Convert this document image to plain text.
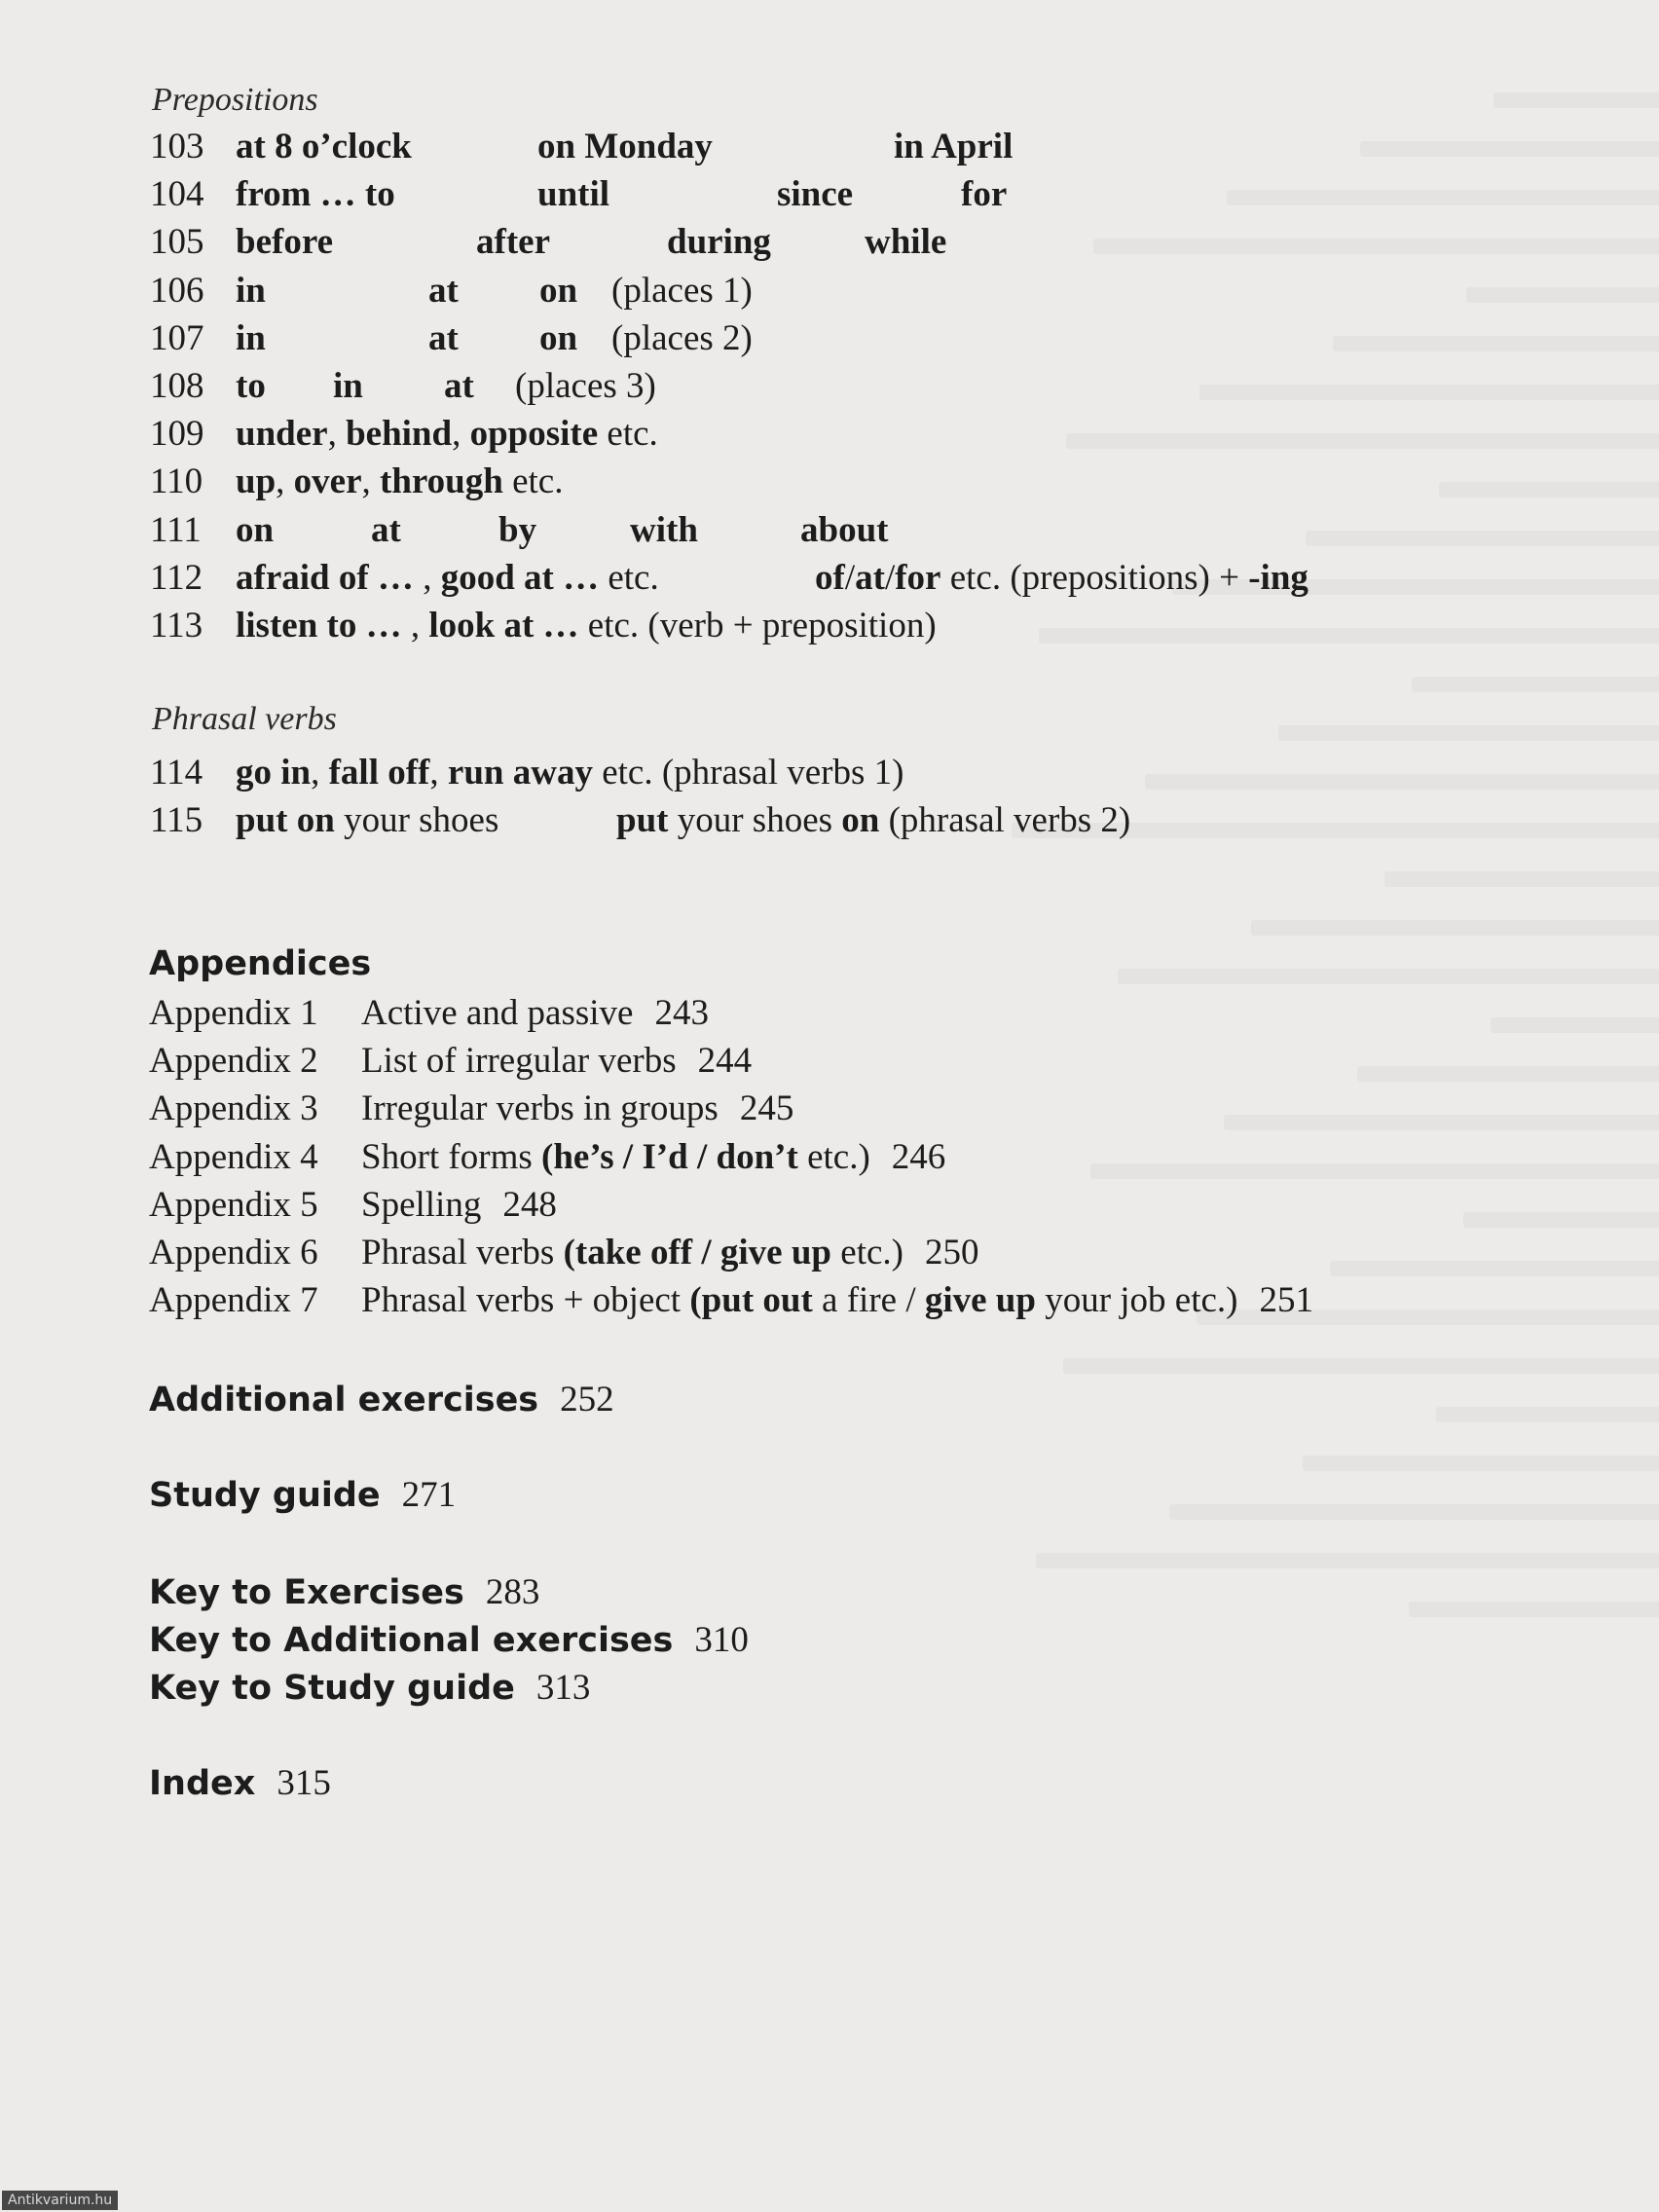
Prepositions
103 at 8 o’clock	on Monday	in April
104 from … to	until	since	for
105 before	after	during	while
106 in	at on (places 1)
107 in	at on (places 2)
108 to in at (places 3)
109 under, behind, opposite etc.
110 up, over, through etc.
111 on	at	by	with	about
112 afraid of … , good at … etc.	of/at/for etc. (prepositions) + -ing
113 listen to … , look at … etc. (verb + preposition)
Phrasal verbs
114 go in, fall off, run away etc. (phrasal verbs 1)
115 put on your shoes	put your shoes on (phrasal verbs 2)
Appendices
Appendix 1 Active and passive 243
Appendix 2 List of irregular verbs 244
Appendix 3 Irregular verbs in groups 245
Appendix 4 Short forms (he’s / I’d / don’t etc.) 246
Appendix 5 Spelling 248
Appendix 6 Phrasal verbs (take off / give up etc.) 250
Appendix 7 Phrasal verbs + object (put out a fire / give up your job etc.) 251
Additional exercises 252
Study guide 271
Key to Exercises 283
Key to Additional exercises 310
Key to Study guide 313
Index 315
Antikvarium.hu
